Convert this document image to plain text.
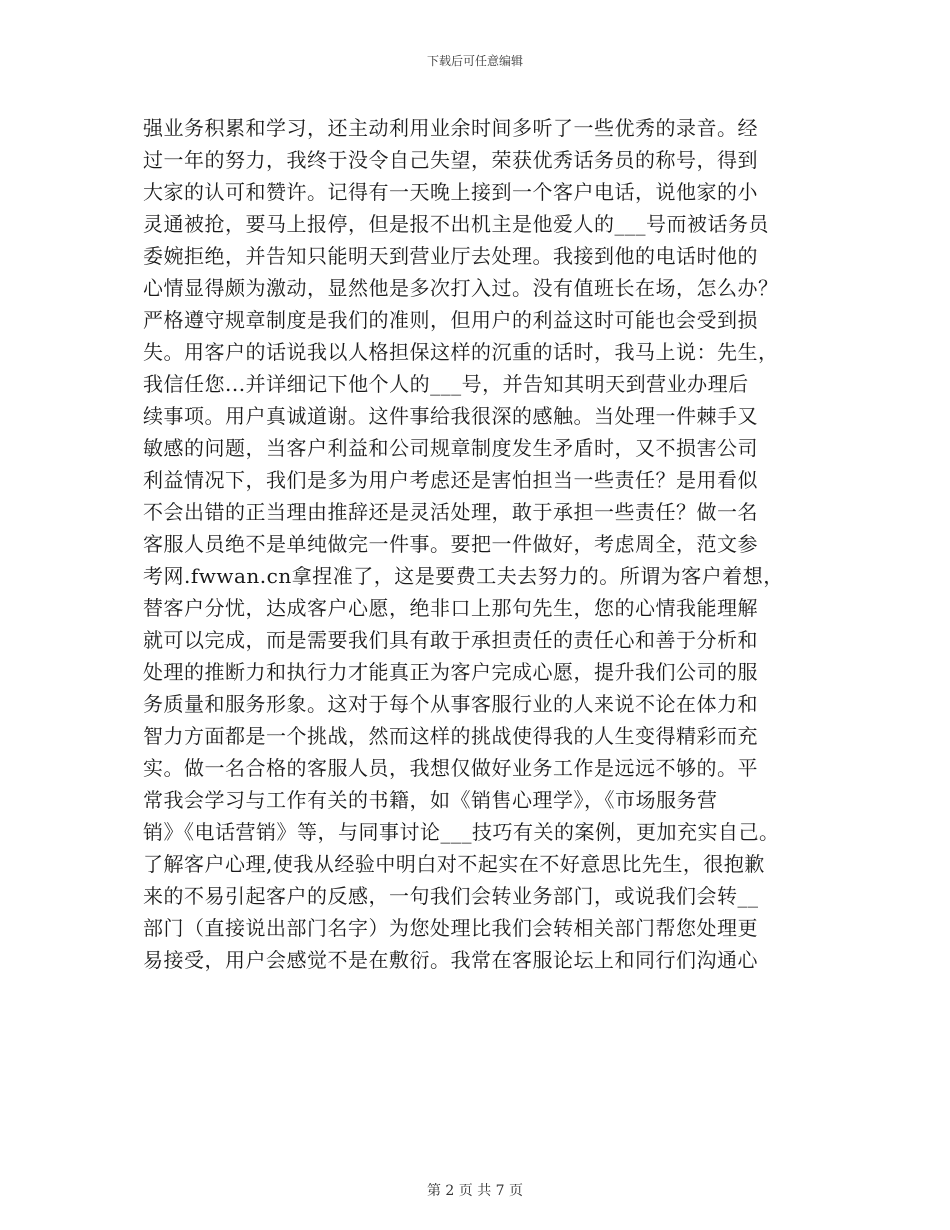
下载后可任意编辑
强业务积累和学习，还主动利用业余时间多听了一些优秀的录音。经
过一年的努力，我终于没令自己失望，荣获优秀话务员的称号，得到
大家的认可和赞许。记得有一天晚上接到一个客户电话，说他家的小
灵通被抢，要马上报停，但是报不出机主是他爱人的___号而被话务员
委婉拒绝，并告知只能明天到营业厅去处理。我接到他的电话时他的
心情显得颇为激动，显然他是多次打入过。没有值班长在场，怎么办？
严格遵守规章制度是我们的准则，但用户的利益这时可能也会受到损
失。用客户的话说我以人格担保这样的沉重的话时，我马上说：先生，
我信任您...并详细记下他个人的___号，并告知其明天到营业办理后
续事项。用户真诚道谢。这件事给我很深的感触。当处理一件棘手又
敏感的问题，当客户利益和公司规章制度发生矛盾时，又不损害公司
利益情况下，我们是多为用户考虑还是害怕担当一些责任？是用看似
不会出错的正当理由推辞还是灵活处理，敢于承担一些责任？做一名
客服人员绝不是单纯做完一件事。要把一件做好，考虑周全，范文参
考网.fwwan.cn拿捏准了，这是要费工夫去努力的。所谓为客户着想，
替客户分忧，达成客户心愿，绝非口上那句先生，您的心情我能理解
就可以完成，而是需要我们具有敢于承担责任的责任心和善于分析和
处理的推断力和执行力才能真正为客户完成心愿，提升我们公司的服
务质量和服务形象。这对于每个从事客服行业的人来说不论在体力和
智力方面都是一个挑战，然而这样的挑战使得我的人生变得精彩而充
实。做一名合格的客服人员，我想仅做好业务工作是远远不够的。平
常我会学习与工作有关的书籍，如《销售心理学》，《市场服务营
销》《电话营销》等，与同事讨论___技巧有关的案例，更加充实自己。
了解客户心理,使我从经验中明白对不起实在不好意思比先生，很抱歉
来的不易引起客户的反感，一句我们会转业务部门，或说我们会转__
部门（直接说出部门名字）为您处理比我们会转相关部门帮您处理更
易接受，用户会感觉不是在敷衍。我常在客服论坛上和同行们沟通心
第 2 页 共 7 页
